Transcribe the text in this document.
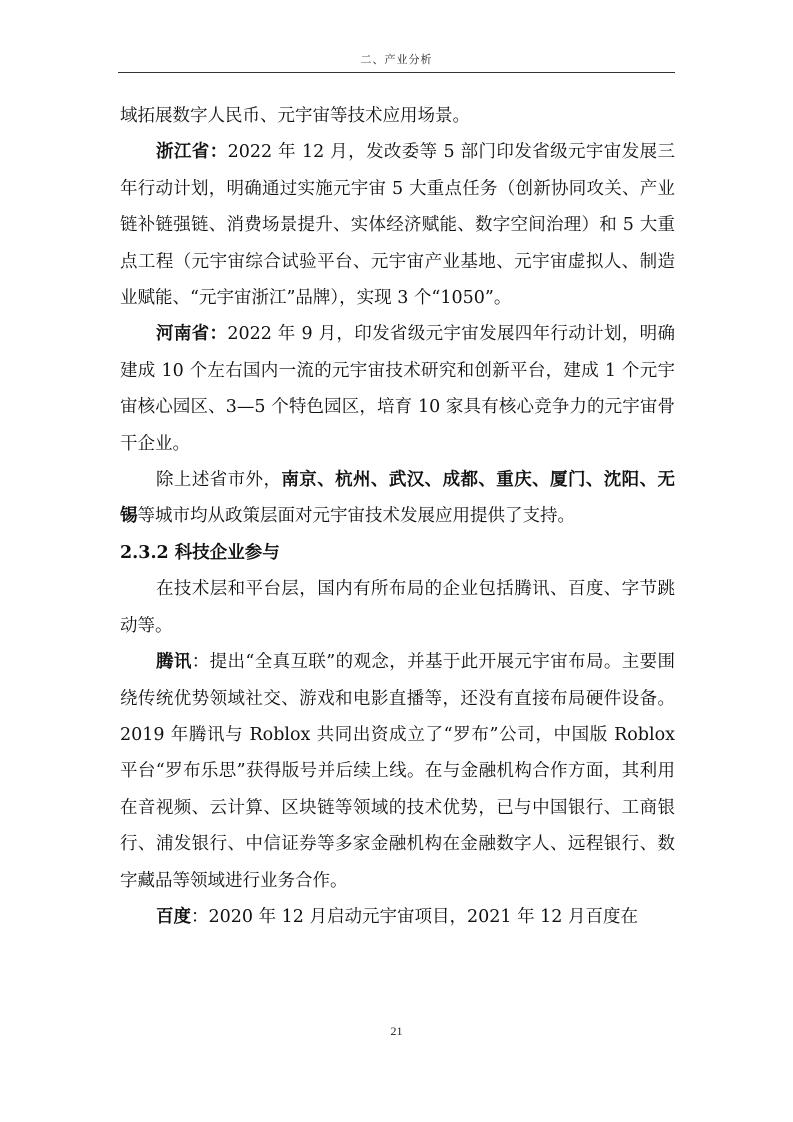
二、产业分析

域拓展数字人民币、元宇宙等技术应用场景。

浙江省：2022 年 12 月，发改委等 5 部门印发省级元宇宙发展三年行动计划，明确通过实施元宇宙 5 大重点任务（创新协同攻关、产业链补链强链、消费场景提升、实体经济赋能、数字空间治理）和 5 大重点工程（元宇宙综合试验平台、元宇宙产业基地、元宇宙虚拟人、制造业赋能、“元宇宙浙江”品牌），实现 3 个“1050”。

河南省：2022 年 9 月，印发省级元宇宙发展四年行动计划，明确建成 10 个左右国内一流的元宇宙技术研究和创新平台，建成 1 个元宇宙核心园区、3—5 个特色园区，培育 10 家具有核心竞争力的元宇宙骨干企业。

除上述省市外，南京、杭州、武汉、成都、重庆、厦门、沈阳、无锡等城市均从政策层面对元宇宙技术发展应用提供了支持。

2.3.2 科技企业参与

在技术层和平台层，国内有所布局的企业包括腾讯、百度、字节跳动等。

腾讯：提出“全真互联”的观念，并基于此开展元宇宙布局。主要围绕传统优势领域社交、游戏和电影直播等，还没有直接布局硬件设备。2019 年腾讯与 Roblox 共同出资成立了“罗布”公司，中国版 Roblox 平台“罗布乐思”获得版号并后续上线。在与金融机构合作方面，其利用在音视频、云计算、区块链等领域的技术优势，已与中国银行、工商银行、浦发银行、中信证券等多家金融机构在金融数字人、远程银行、数字藏品等领域进行业务合作。

百度：2020 年 12 月启动元宇宙项目，2021 年 12 月百度在

21
